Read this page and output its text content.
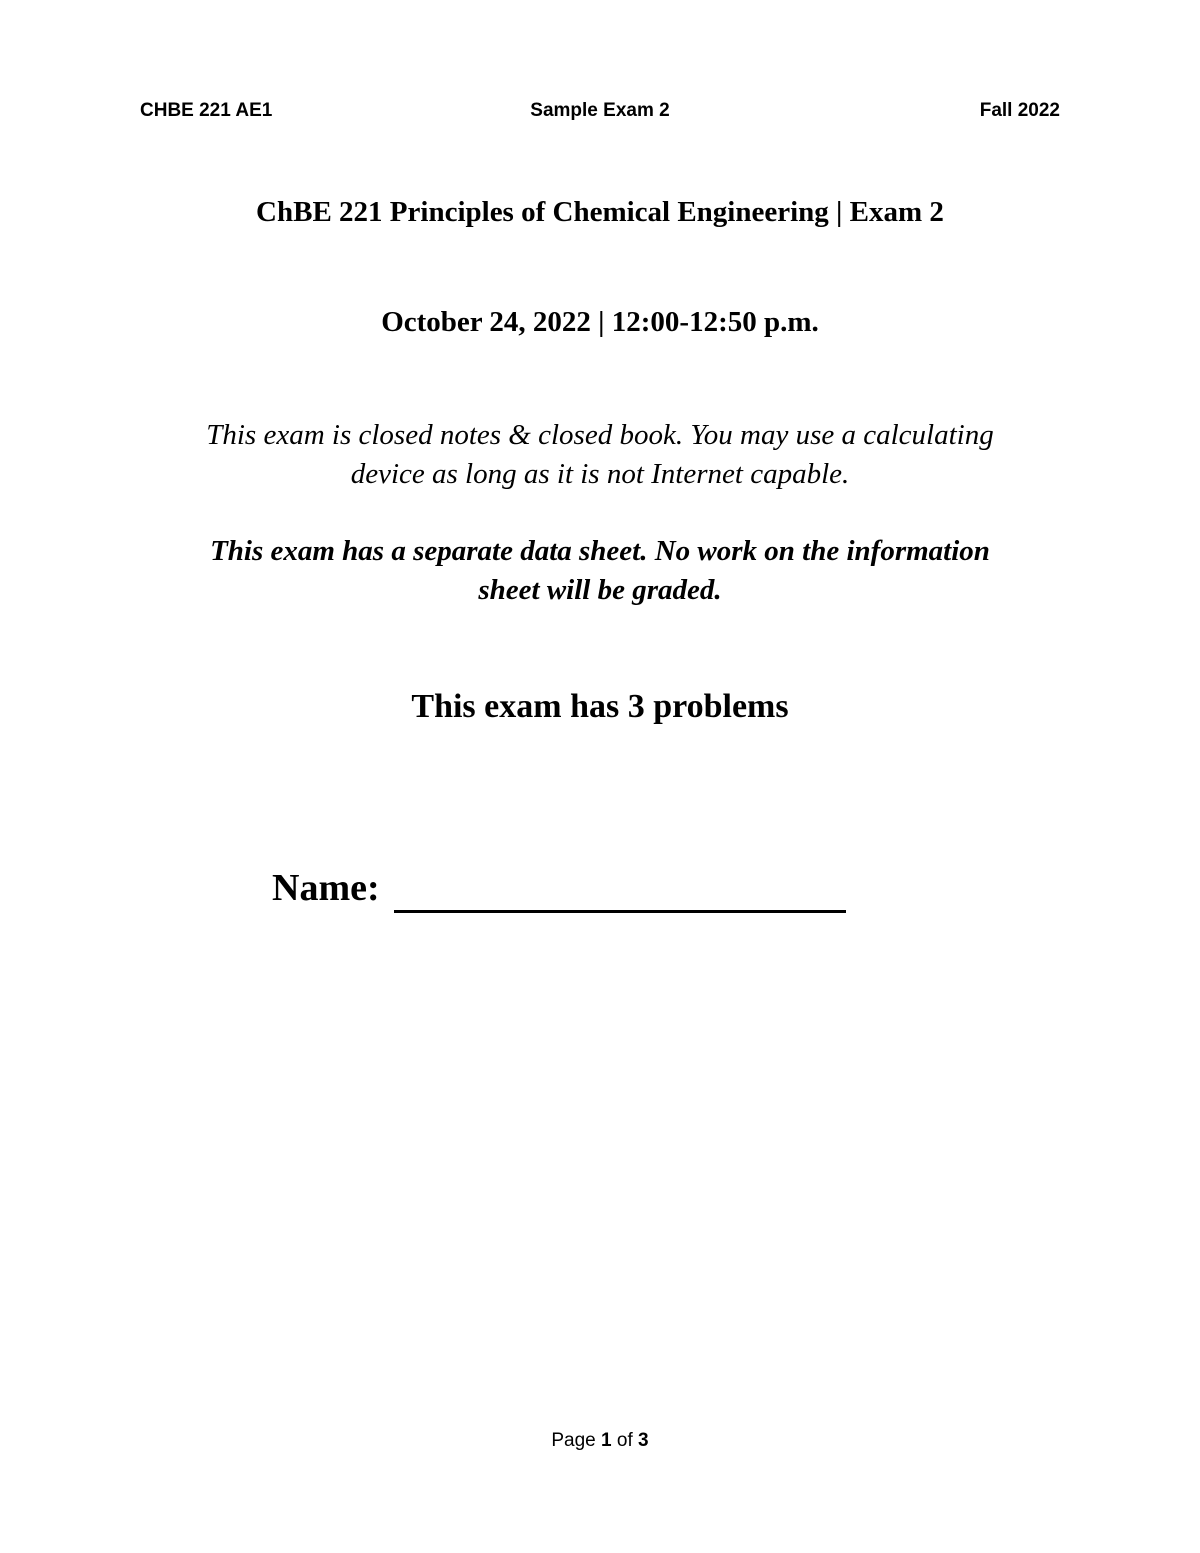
CHBE 221 AE1	Sample Exam 2	Fall 2022
ChBE 221 Principles of Chemical Engineering | Exam 2
October 24, 2022 | 12:00-12:50 p.m.
This exam is closed notes & closed book. You may use a calculating
device as long as it is not Internet capable.
This exam has a separate data sheet. No work on the information
sheet will be graded.
This exam has 3 problems
Name:
Page 1 of 3
